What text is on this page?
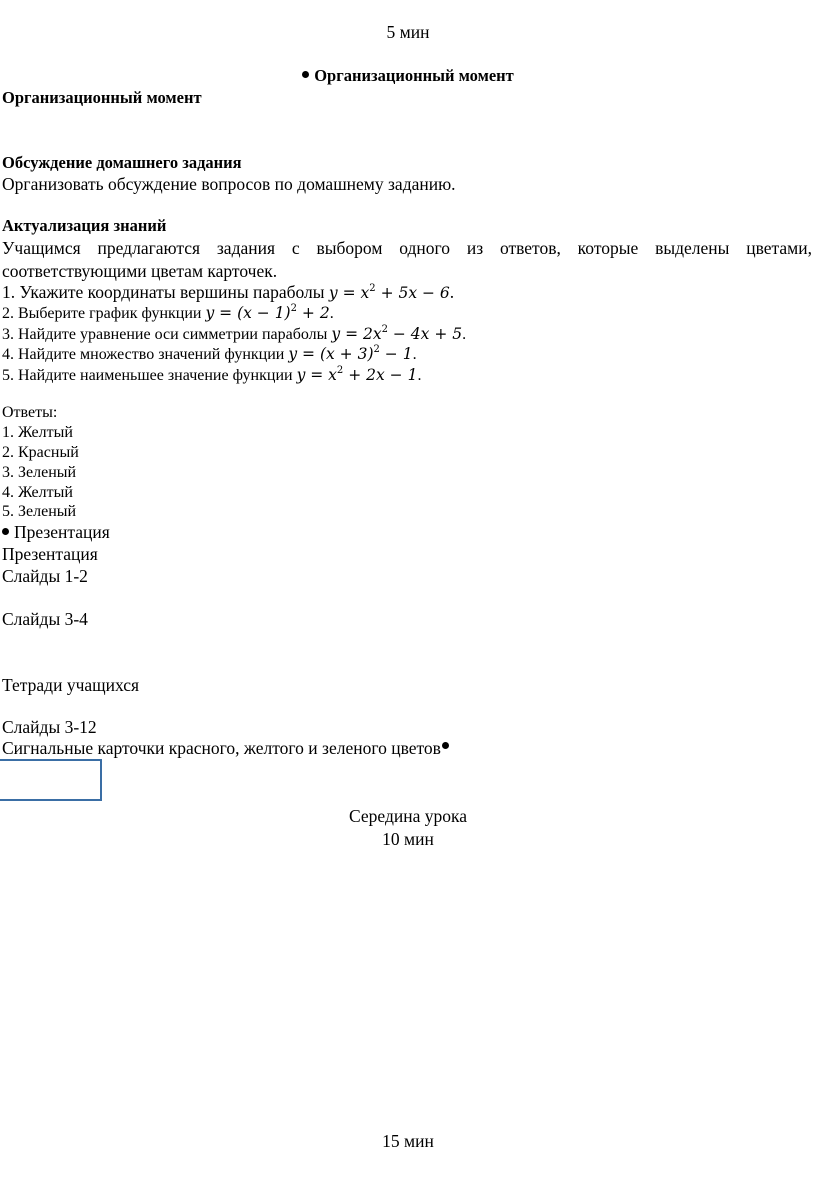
5 мин
Организационный момент
Организационный момент
Обсуждение домашнего задания
Организовать обсуждение вопросов по домашнему заданию.
Актуализация знаний
Учащимся предлагаются задания с выбором одного из ответов, которые выделены цветами,
соответствующими цветам карточек.
1. Укажите координаты вершины параболы $y = x^2 + 5x - 6$.
2. Выберите график функции $y = (x - 1)^2 + 2$.
3. Найдите уравнение оси симметрии параболы $y = 2x^2 - 4x + 5$.
4. Найдите множество значений функции $y = (x + 3)^2 - 1$.
5. Найдите наименьшее значение функции $y = x^2 + 2x - 1$.
Ответы:
1. Желтый
2. Красный
3. Зеленый
4. Желтый
5. Зеленый
Презентация
Презентация
Слайды 1-2
Слайды 3-4
Тетради учащихся
Слайды 3-12
Сигнальные карточки красного, желтого и зеленого цветов
Середина урока
10 мин
15 мин
